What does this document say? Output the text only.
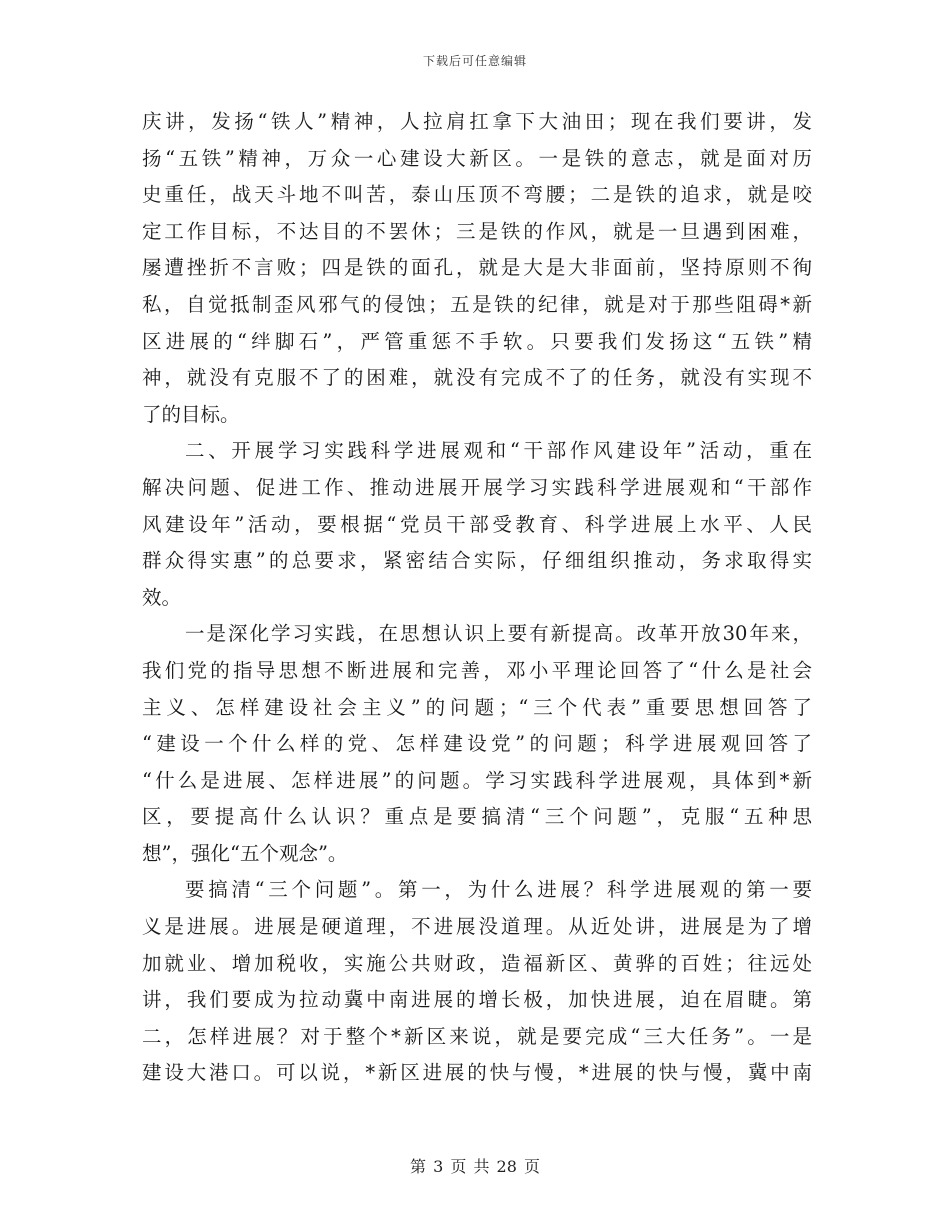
下载后可任意编辑
庆讲，发扬“铁人”精神，人拉肩扛拿下大油田；现在我们要讲，发
扬“五铁”精神，万众一心建设大新区。一是铁的意志，就是面对历
史重任，战天斗地不叫苦，泰山压顶不弯腰；二是铁的追求，就是咬
定工作目标，不达目的不罢休；三是铁的作风，就是一旦遇到困难，
屡遭挫折不言败；四是铁的面孔，就是大是大非面前，坚持原则不徇
私，自觉抵制歪风邪气的侵蚀；五是铁的纪律，就是对于那些阻碍*新
区进展的“绊脚石”，严管重惩不手软。只要我们发扬这“五铁”精
神，就没有克服不了的困难，就没有完成不了的任务，就没有实现不
了的目标。
二、开展学习实践科学进展观和“干部作风建设年”活动，重在
解决问题、促进工作、推动进展开展学习实践科学进展观和“干部作
风建设年”活动，要根据“党员干部受教育、科学进展上水平、人民
群众得实惠”的总要求，紧密结合实际，仔细组织推动，务求取得实
效。
一是深化学习实践，在思想认识上要有新提高。改革开放30年来，
我们党的指导思想不断进展和完善，邓小平理论回答了“什么是社会
主义、怎样建设社会主义”的问题；“三个代表”重要思想回答了
“建设一个什么样的党、怎样建设党”的问题；科学进展观回答了
“什么是进展、怎样进展”的问题。学习实践科学进展观，具体到*新
区，要提高什么认识？重点是要搞清“三个问题”，克服“五种思
想”，强化“五个观念”。
要搞清“三个问题”。第一，为什么进展？科学进展观的第一要
义是进展。进展是硬道理，不进展没道理。从近处讲，进展是为了增
加就业、增加税收，实施公共财政，造福新区、黄骅的百姓；往远处
讲，我们要成为拉动冀中南进展的增长极，加快进展，迫在眉睫。第
二，怎样进展？对于整个*新区来说，就是要完成“三大任务”。一是
建设大港口。可以说，*新区进展的快与慢，*进展的快与慢，冀中南
第 3 页 共 28 页
